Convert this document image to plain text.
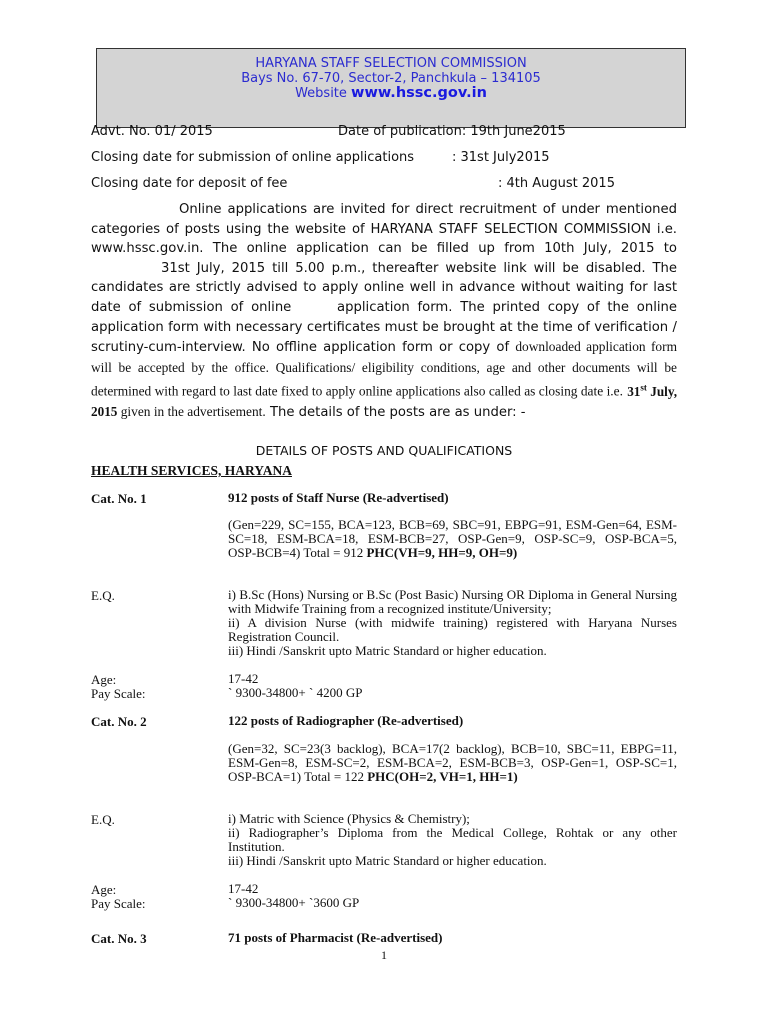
HARYANA STAFF SELECTION COMMISSION
Bays No. 67-70, Sector-2, Panchkula – 134105
Website www.hssc.gov.in
Advt. No. 01/ 2015	Date of publication: 19th June2015
Closing date for submission of online applications	: 31st July2015
Closing date for deposit of fee	: 4th August 2015
Online applications are invited for direct recruitment of under mentioned categories of posts using the website of HARYANA STAFF SELECTION COMMISSION i.e. www.hssc.gov.in. The online application can be filled up from 10th July, 2015 to 31st July, 2015 till 5.00 p.m., thereafter website link will be disabled. The candidates are strictly advised to apply online well in advance without waiting for last date of submission of online	application form. The printed copy of the online application form with necessary certificates must be brought at the time of verification / scrutiny-cum-interview. No offline application form or copy of downloaded application form will be accepted by the office. Qualifications/ eligibility conditions, age and other documents will be determined with regard to last date fixed to apply online applications also called as closing date i.e. 31st July, 2015 given in the advertisement. The details of the posts are as under: -
DETAILS OF POSTS AND QUALIFICATIONS
HEALTH SERVICES, HARYANA
Cat. No. 1	912 posts of Staff Nurse (Re-advertised)
(Gen=229, SC=155, BCA=123, BCB=69, SBC=91, EBPG=91, ESM-Gen=64, ESM-SC=18, ESM-BCA=18, ESM-BCB=27, OSP-Gen=9, OSP-SC=9, OSP-BCA=5, OSP-BCB=4) Total = 912 PHC(VH=9, HH=9, OH=9)
E.Q.	i) B.Sc (Hons) Nursing or B.Sc (Post Basic) Nursing OR Diploma in General Nursing with Midwife Training from a recognized institute/University;

ii) A division Nurse (with midwife training) registered with Haryana Nurses Registration Council.

iii) Hindi /Sanskrit upto Matric Standard or higher education.

Age:	17-42
Pay Scale:	` 9300-34800+ ` 4200 GP
Cat. No. 2	122 posts of Radiographer (Re-advertised)
(Gen=32, SC=23(3 backlog), BCA=17(2 backlog), BCB=10, SBC=11, EBPG=11, ESM-Gen=8, ESM-SC=2, ESM-BCA=2, ESM-BCB=3, OSP-Gen=1, OSP-SC=1, OSP-BCA=1) Total = 122 PHC(OH=2, VH=1, HH=1)
E.Q.	i) Matric with Science (Physics & Chemistry);

ii) Radiographer’s Diploma from the Medical College, Rohtak or any other Institution.

iii) Hindi /Sanskrit upto Matric Standard or higher education.

Age:	17-42
Pay Scale:	` 9300-34800+ `3600 GP
Cat. No. 3	71 posts of Pharmacist (Re-advertised)
1
